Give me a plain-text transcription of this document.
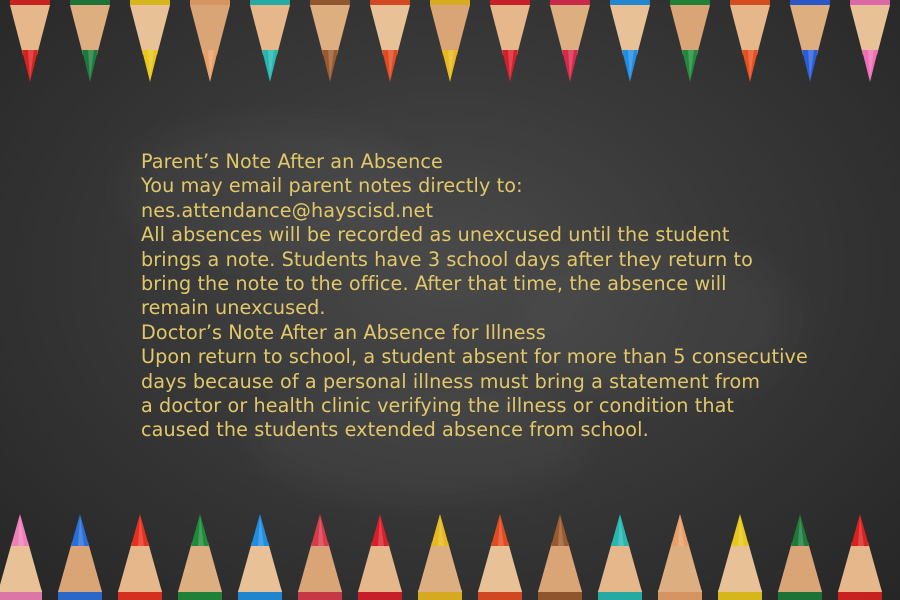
Parent’s Note After an Absence
You may email parent notes directly to:
nes.attendance@hayscisd.net
All absences will be recorded as unexcused until the student
brings a note. Students have 3 school days after they return to
bring the note to the office. After that time, the absence will
remain unexcused.
Doctor’s Note After an Absence for Illness
Upon return to school, a student absent for more than 5 consecutive
days because of a personal illness must bring a statement from
a doctor or health clinic verifying the illness or condition that
caused the students extended absence from school.
